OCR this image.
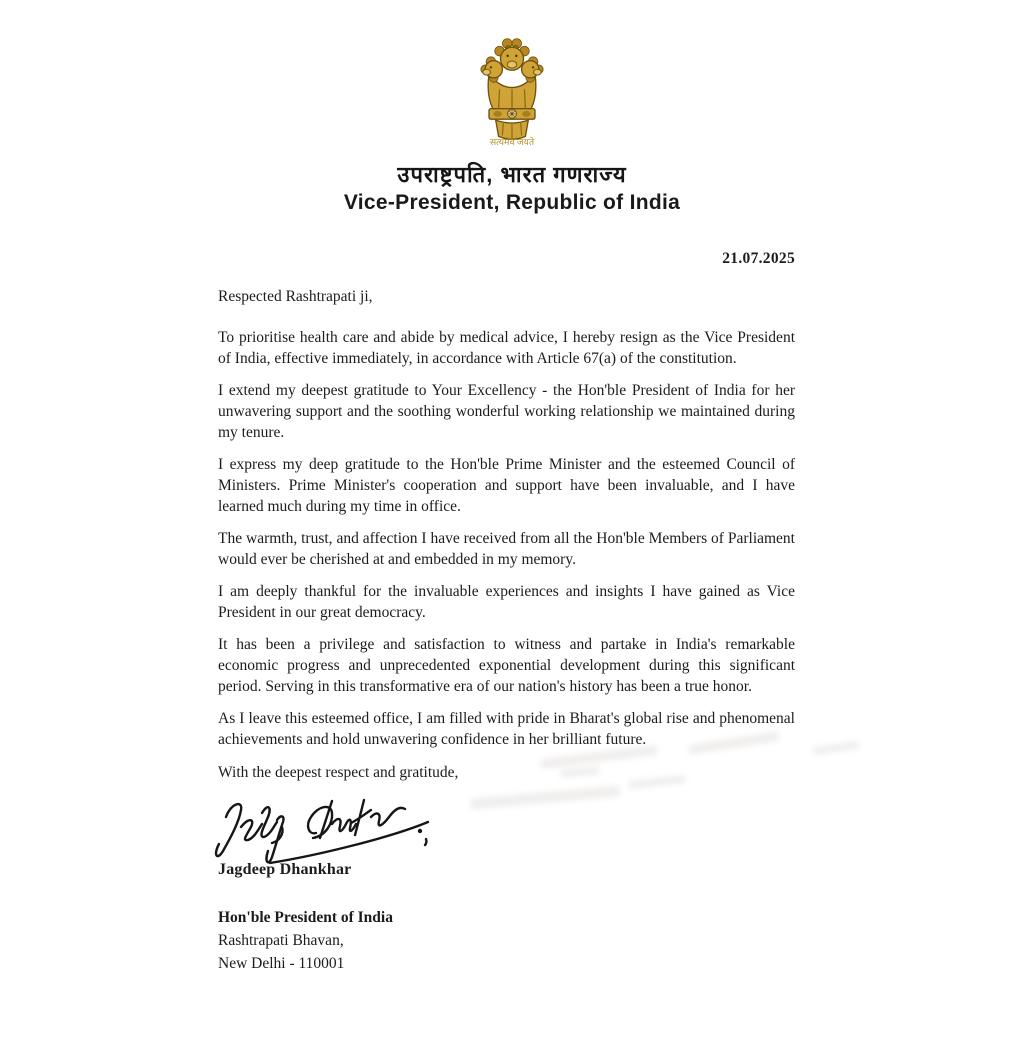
सत्यमेव जयते
उपराष्ट्रपति, भारत गणराज्य
Vice-President, Republic of India
21.07.2025
Respected Rashtrapati ji,

To prioritise health care and abide by medical advice, I hereby resign as the Vice President of India, effective immediately, in accordance with Article 67(a) of the constitution.

I extend my deepest gratitude to Your Excellency - the Hon'ble President of India for her unwavering support and the soothing wonderful working relationship we maintained during my tenure.

I express my deep gratitude to the Hon'ble Prime Minister and the esteemed Council of Ministers. Prime Minister's cooperation and support have been invaluable, and I have learned much during my time in office.

The warmth, trust, and affection I have received from all the Hon'ble Members of Parliament would ever be cherished at and embedded in my memory.

I am deeply thankful for the invaluable experiences and insights I have gained as Vice President in our great democracy.

It has been a privilege and satisfaction to witness and partake in India's remarkable economic progress and unprecedented exponential development during this significant period. Serving in this transformative era of our nation's history has been a true honor.

As I leave this esteemed office, I am filled with pride in Bharat's global rise and phenomenal achievements and hold unwavering confidence in her brilliant future.

With the deepest respect and gratitude,
Jagdeep Dhankhar
Hon'ble President of India
Rashtrapati Bhavan,
New Delhi - 110001
